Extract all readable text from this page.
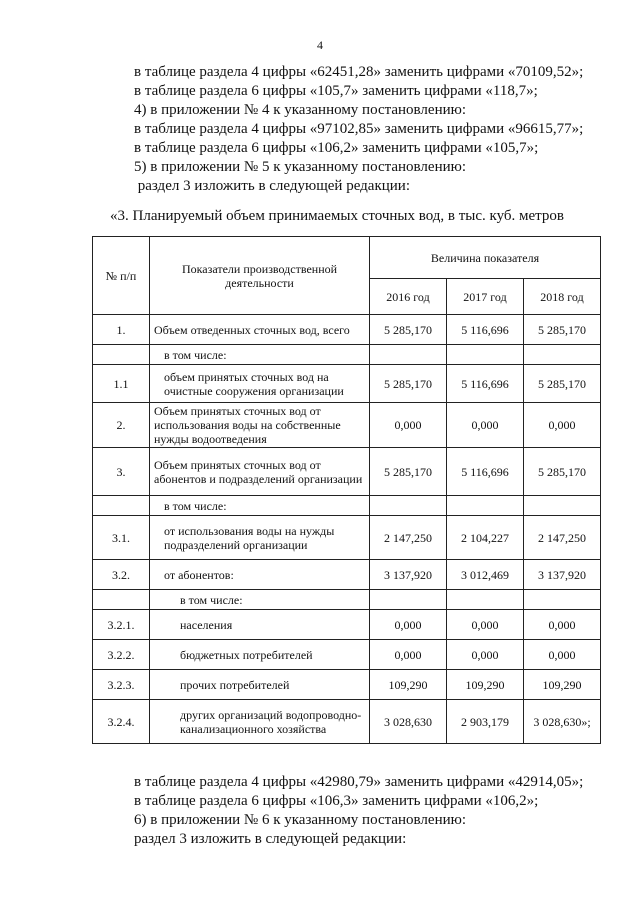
4
в таблице раздела 4 цифры «62451,28» заменить цифрами «70109,52»;
в таблице раздела 6 цифры «105,7» заменить цифрами «118,7»;
4) в приложении № 4 к указанному постановлению:
в таблице раздела 4 цифры «97102,85» заменить цифрами «96615,77»;
в таблице раздела 6 цифры «106,2» заменить цифрами «105,7»;
5) в приложении № 5 к указанному постановлению:
раздел 3 изложить в следующей редакции:
«3. Планируемый объем принимаемых сточных вод, в тыс. куб. метров
№ п/п	Показатели производственной деятельности	Величина показателя		
		2016 год	2017 год	2018 год
1.	Объем отведенных сточных вод, всего	5 285,170	5 116,696	5 285,170
	в том числе:			
1.1	объем принятых сточных вод на очистные сооружения организации	5 285,170	5 116,696	5 285,170
2.	Объем принятых сточных вод от использования воды на собственные нужды водоотведения	0,000	0,000	0,000
3.	Объем принятых сточных вод от абонентов и подразделений организации	5 285,170	5 116,696	5 285,170
	в том числе:			
3.1.	от использования воды на нужды подразделений организации	2 147,250	2 104,227	2 147,250
3.2.	от абонентов:	3 137,920	3 012,469	3 137,920
	в том числе:			
3.2.1.	населения	0,000	0,000	0,000
3.2.2.	бюджетных потребителей	0,000	0,000	0,000
3.2.3.	прочих потребителей	109,290	109,290	109,290
3.2.4.	других организаций водопроводно-канализационного хозяйства	3 028,630	2 903,179	3 028,630»;
в таблице раздела 4 цифры «42980,79» заменить цифрами «42914,05»;
в таблице раздела 6 цифры «106,3» заменить цифрами «106,2»;
6) в приложении № 6 к указанному постановлению:
раздел 3 изложить в следующей редакции:
